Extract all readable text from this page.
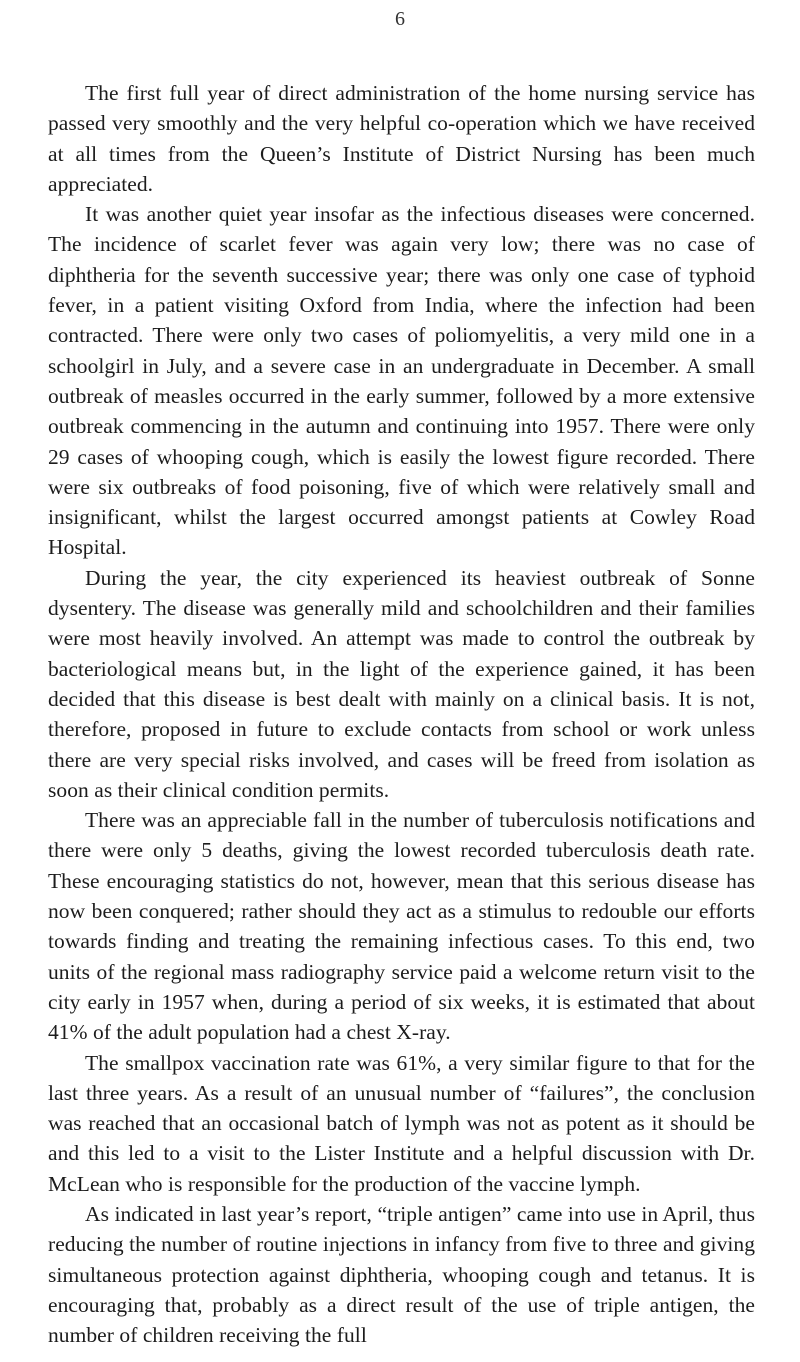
6

The first full year of direct administration of the home nursing service has passed very smoothly and the very helpful co-operation which we have received at all times from the Queen’s Institute of District Nursing has been much appreciated.

It was another quiet year insofar as the infectious diseases were concerned. The incidence of scarlet fever was again very low; there was no case of diphtheria for the seventh successive year; there was only one case of typhoid fever, in a patient visiting Oxford from India, where the infection had been contracted. There were only two cases of poliomyelitis, a very mild one in a schoolgirl in July, and a severe case in an undergraduate in December. A small outbreak of measles occurred in the early summer, followed by a more extensive outbreak commencing in the autumn and continuing into 1957. There were only 29 cases of whooping cough, which is easily the lowest figure recorded. There were six outbreaks of food poisoning, five of which were relatively small and insignificant, whilst the largest occurred amongst patients at Cowley Road Hospital.

During the year, the city experienced its heaviest outbreak of Sonne dysentery. The disease was generally mild and schoolchildren and their families were most heavily involved. An attempt was made to control the outbreak by bacteriological means but, in the light of the experience gained, it has been decided that this disease is best dealt with mainly on a clinical basis. It is not, therefore, proposed in future to exclude contacts from school or work unless there are very special risks involved, and cases will be freed from isolation as soon as their clinical condition permits.

There was an appreciable fall in the number of tuberculosis notifications and there were only 5 deaths, giving the lowest recorded tuberculosis death rate. These encouraging statistics do not, however, mean that this serious disease has now been conquered; rather should they act as a stimulus to redouble our efforts towards finding and treating the remaining infectious cases. To this end, two units of the regional mass radiography service paid a welcome return visit to the city early in 1957 when, during a period of six weeks, it is estimated that about 41% of the adult population had a chest X-ray.

The smallpox vaccination rate was 61%, a very similar figure to that for the last three years. As a result of an unusual number of “failures”, the conclusion was reached that an occasional batch of lymph was not as potent as it should be and this led to a visit to the Lister Institute and a helpful discussion with Dr. McLean who is responsible for the production of the vaccine lymph.

As indicated in last year’s report, “triple antigen” came into use in April, thus reducing the number of routine injections in infancy from five to three and giving simultaneous protection against diphtheria, whooping cough and tetanus. It is encouraging that, probably as a direct result of the use of triple antigen, the number of children receiving the full
